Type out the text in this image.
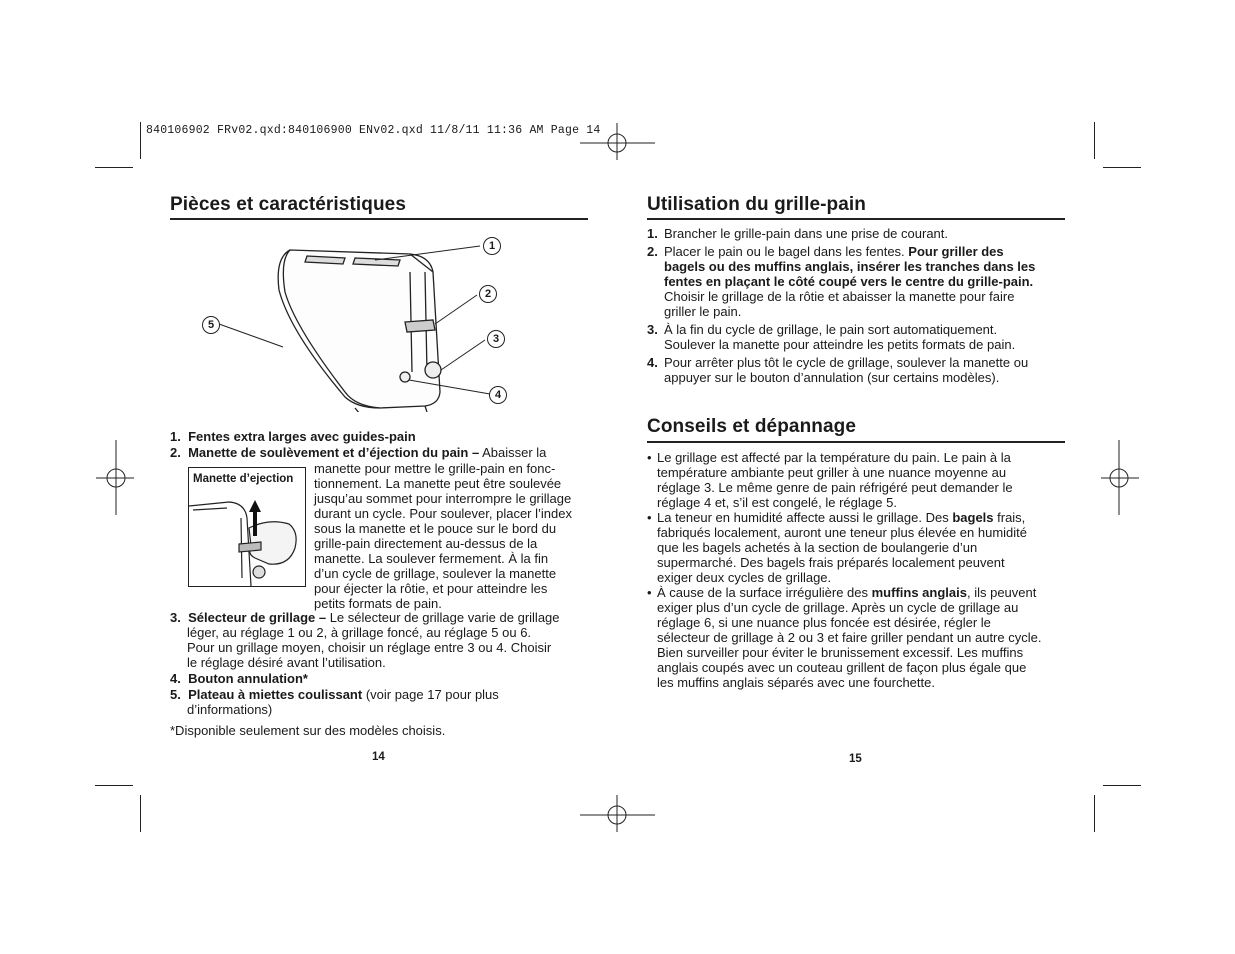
840106902 FRv02.qxd:840106900 ENv02.qxd 11/8/11 11:36 AM Page 14
Pièces et caractéristiques
1
2
3
4
5
1. Fentes extra larges avec guides-pain
2. Manette de soulèvement et d’éjection du pain – Abaisser la
Manette d’ejection
manette pour mettre le grille-pain en fonc-
tionnement. La manette peut être soulevée
jusqu’au sommet pour interrompre le grillage
durant un cycle. Pour soulever, placer l’index
sous la manette et le pouce sur le bord du
grille-pain directement au-dessus de la
manette. La soulever fermement. À la fin
d’un cycle de grillage, soulever la manette
pour éjecter la rôtie, et pour atteindre les
petits formats de pain.
3. Sélecteur de grillage – Le sélecteur de grillage varie de grillage
léger, au réglage 1 ou 2, à grillage foncé, au réglage 5 ou 6.
Pour un grillage moyen, choisir un réglage entre 3 ou 4. Choisir
le réglage désiré avant l’utilisation.
4. Bouton annulation*
5. Plateau à miettes coulissant (voir page 17 pour plus
d’informations)
*Disponible seulement sur des modèles choisis.
14
Utilisation du grille-pain
1. Brancher le grille-pain dans une prise de courant.
2. Placer le pain ou le bagel dans les fentes. Pour griller des
bagels ou des muffins anglais, insérer les tranches dans les
fentes en plaçant le côté coupé vers le centre du grille-pain.
Choisir le grillage de la rôtie et abaisser la manette pour faire
griller le pain.
3. À la fin du cycle de grillage, le pain sort automatiquement.
Soulever la manette pour atteindre les petits formats de pain.
4. Pour arrêter plus tôt le cycle de grillage, soulever la manette ou
appuyer sur le bouton d’annulation (sur certains modèles).
Conseils et dépannage
• Le grillage est affecté par la température du pain. Le pain à la
température ambiante peut griller à une nuance moyenne au
réglage 3. Le même genre de pain réfrigéré peut demander le
réglage 4 et, s’il est congelé, le réglage 5.
• La teneur en humidité affecte aussi le grillage. Des bagels frais,
fabriqués localement, auront une teneur plus élevée en humidité
que les bagels achetés à la section de boulangerie d’un
supermarché. Des bagels frais préparés localement peuvent
exiger deux cycles de grillage.
• À cause de la surface irrégulière des muffins anglais, ils peuvent
exiger plus d’un cycle de grillage. Après un cycle de grillage au
réglage 6, si une nuance plus foncée est désirée, régler le
sélecteur de grillage à 2 ou 3 et faire griller pendant un autre cycle.
Bien surveiller pour éviter le brunissement excessif. Les muffins
anglais coupés avec un couteau grillent de façon plus égale que
les muffins anglais séparés avec une fourchette.
15
